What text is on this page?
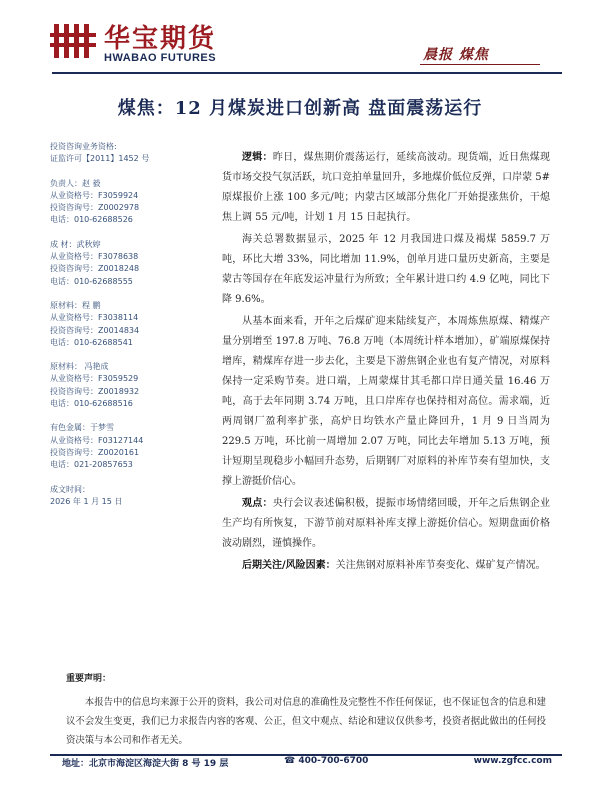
华宝期货
HWABAO FUTURES	晨报 煤焦
煤焦：12 月煤炭进口创新高 盘面震荡运行
投资咨询业务资格:
证监许可【2011】1452 号
负责人：赵 毅
从业资格号：F3059924
投资咨询号：Z0002978
电话：010-62688526
成 材：武秋婷
从业资格号：F3078638
投资咨询号：Z0018248
电话：010-62688555
原材料：程 鹏
从业资格号：F3038114
投资咨询号：Z0014834
电话：010-62688541
原材料： 冯艳成
从业资格号：F3059529
投资咨询号：Z0018932
电话：010-62688516
有色金属：于梦雪
从业资格号：F03127144
投资咨询号：Z0020161
电话：021-20857653
成文时间：
2026 年 1 月 15 日

逻辑：昨日，煤焦期价震荡运行，延续高波动。现货端，近日焦煤现货市场交投气氛活跃，坑口竞拍单量回升，多地煤价低位反弹，口岸蒙 5# 原煤报价上涨 100 多元/吨；内蒙古区域部分焦化厂开始提涨焦价，干熄焦上调 55 元/吨，计划 1 月 15 日起执行。

海关总署数据显示，2025 年 12 月我国进口煤及褐煤 5859.7 万吨，环比大增 33%，同比增加 11.9%，创单月进口量历史新高，主要是蒙古等国存在年底发运冲量行为所致；全年累计进口约 4.9 亿吨，同比下降 9.6%。

从基本面来看，开年之后煤矿迎来陆续复产，本周炼焦原煤、精煤产量分别增至 197.8 万吨、76.8 万吨（本周统计样本增加），矿端原煤保持增库，精煤库存进一步去化，主要是下游焦钢企业也有复产情况，对原料保持一定采购节奏。进口端，上周蒙煤甘其毛都口岸日通关量 16.46 万吨，高于去年同期 3.74 万吨，且口岸库存也保持相对高位。需求端，近两周钢厂盈利率扩张，高炉日均铁水产量止降回升，1 月 9 日当周为 229.5 万吨，环比前一周增加 2.07 万吨，同比去年增加 5.13 万吨，预计短期呈现稳步小幅回升态势，后期钢厂对原料的补库节奏有望加快，支撑上游挺价信心。

观点：央行会议表述偏积极，提振市场情绪回暖，开年之后焦钢企业生产均有所恢复，下游节前对原料补库支撑上游挺价信心。短期盘面价格波动剧烈，谨慎操作。

后期关注/风险因素：关注焦钢对原料补库节奏变化、煤矿复产情况。

重要声明：
本报告中的信息均来源于公开的资料，我公司对信息的准确性及完整性不作任何保证，也不保证包含的信息和建议不会发生变更，我们已力求报告内容的客观、公正，但文中观点、结论和建议仅供参考，投资者据此做出的任何投资决策与本公司和作者无关。
地址：北京市海淀区海淀大街 8 号 19 层	☎ 400-700-6700	www.zgfcc.com
